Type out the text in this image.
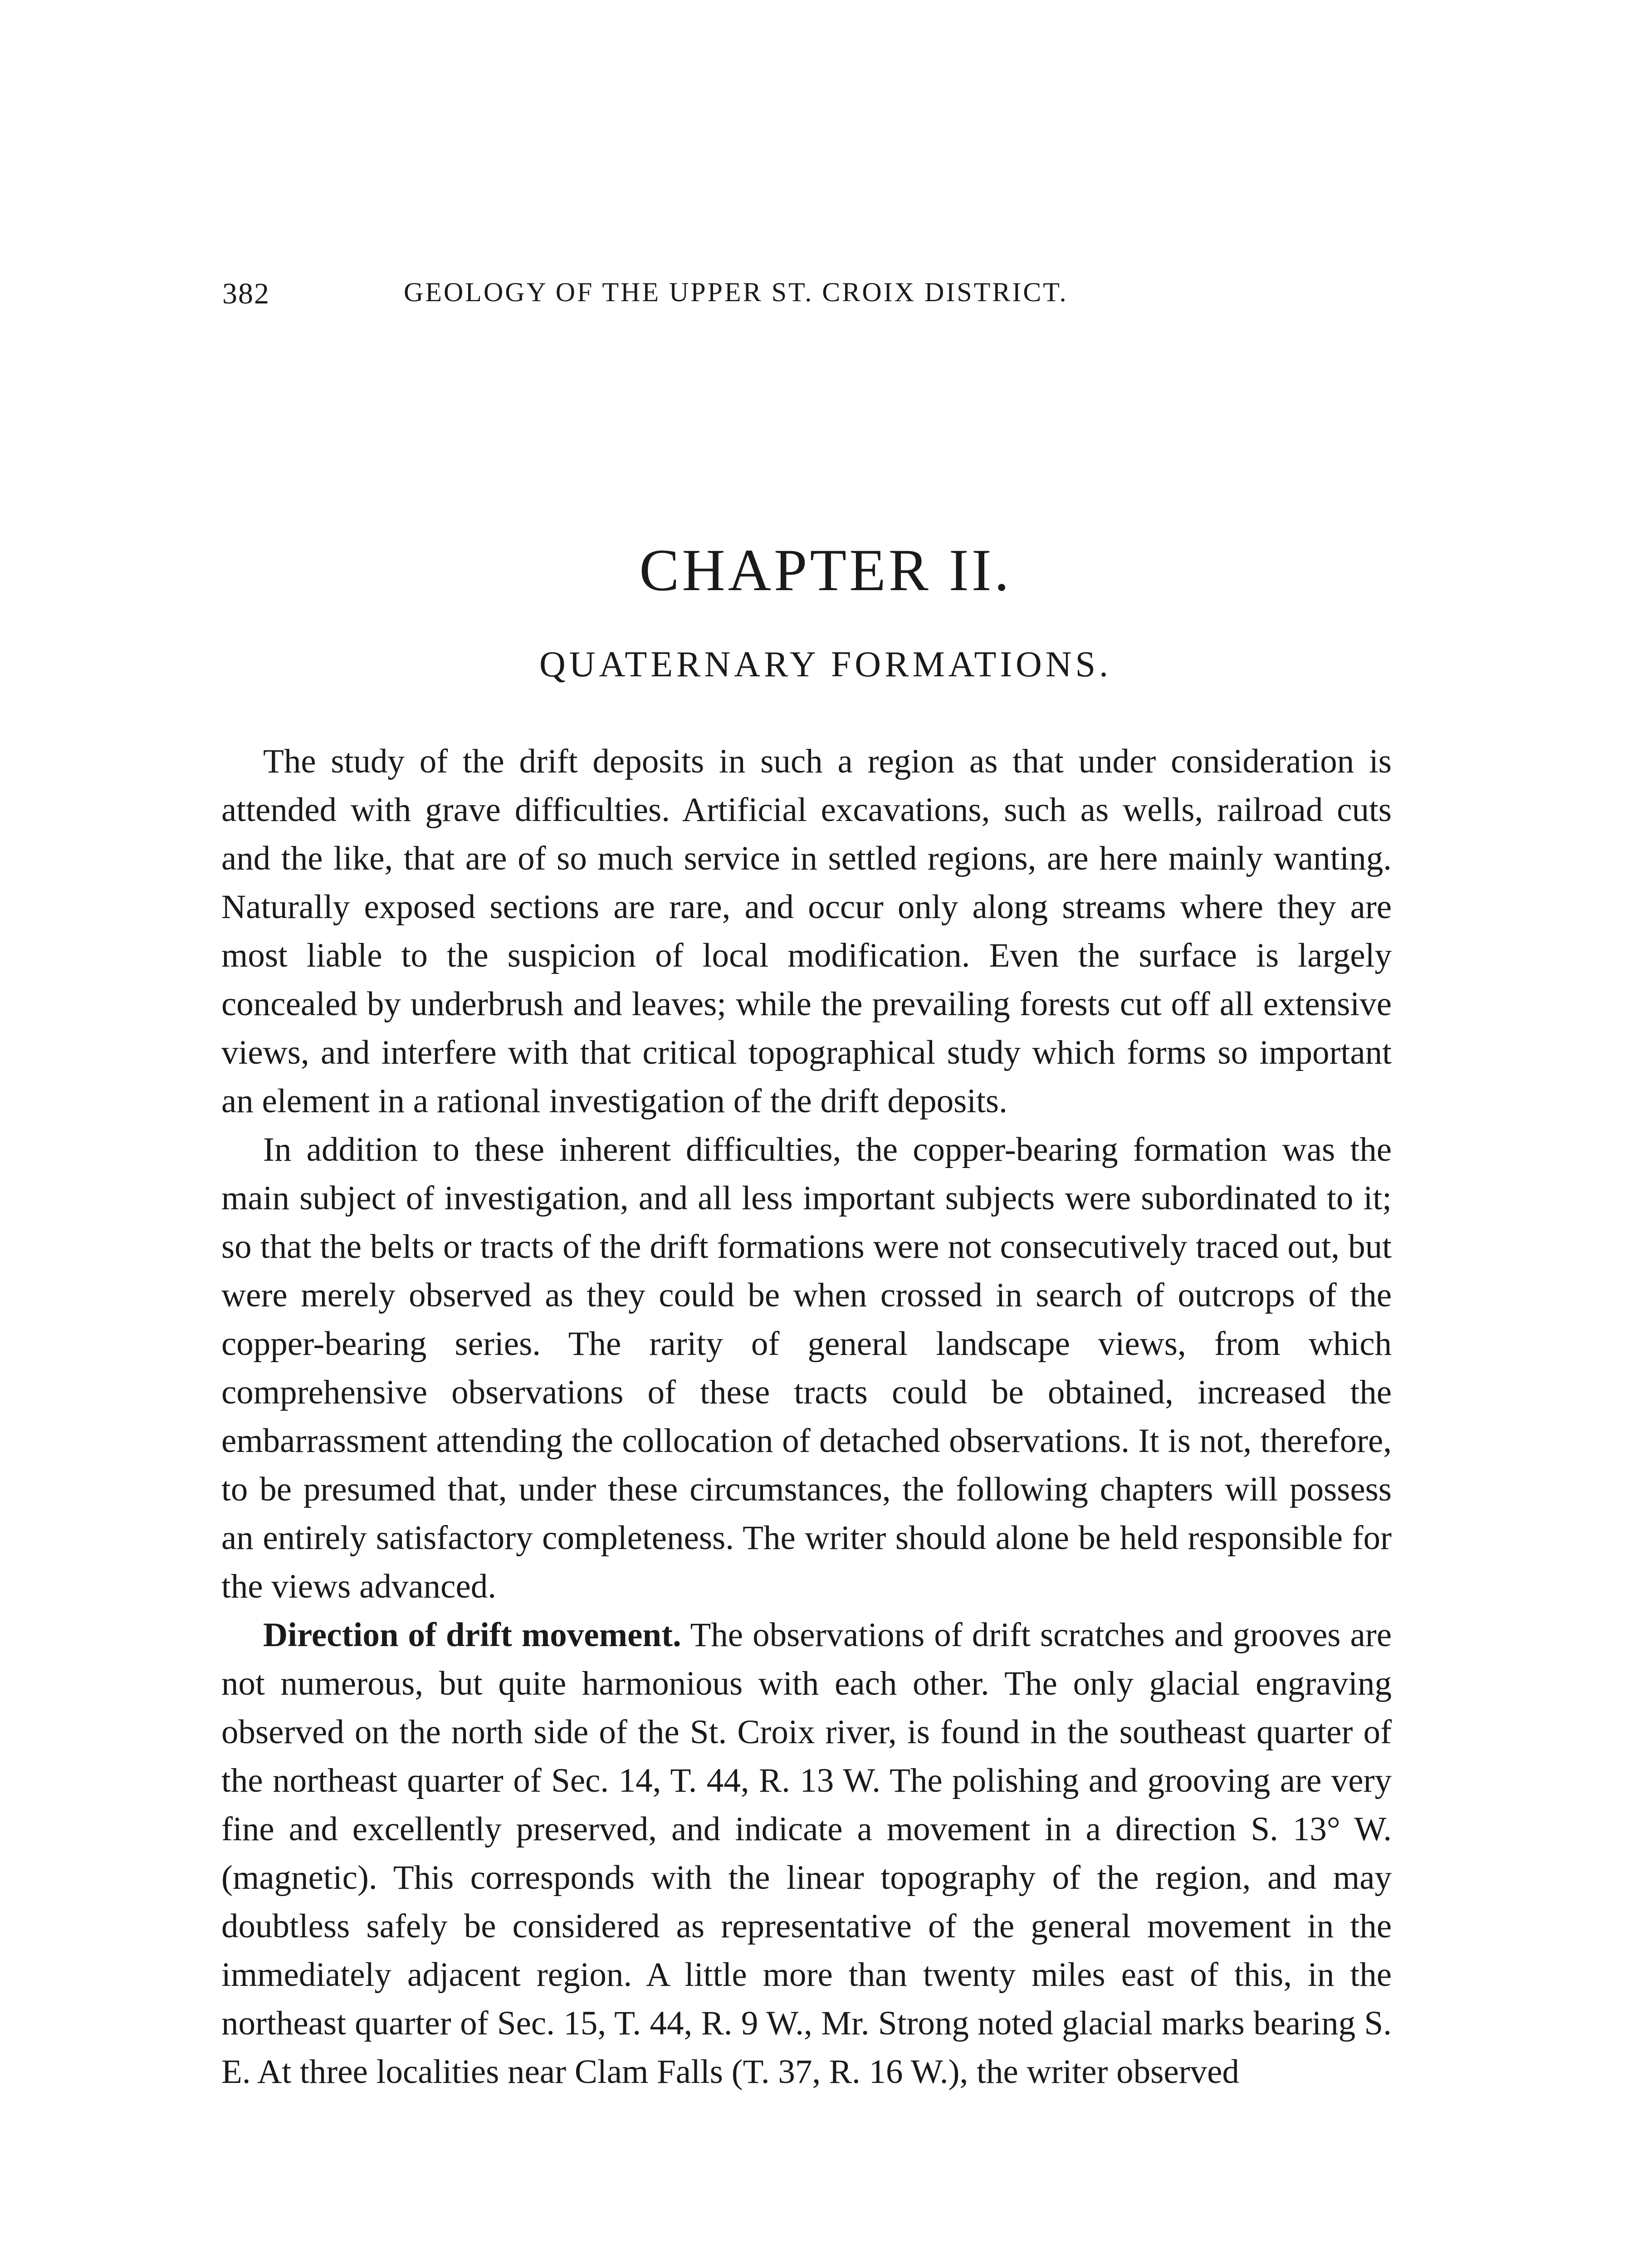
382	GEOLOGY OF THE UPPER ST. CROIX DISTRICT.
CHAPTER II.
QUATERNARY FORMATIONS.

The study of the drift deposits in such a region as that under consideration is attended with grave difficulties. Artificial excavations, such as wells, railroad cuts and the like, that are of so much service in settled regions, are here mainly wanting. Naturally exposed sections are rare, and occur only along streams where they are most liable to the suspicion of local modification. Even the surface is largely concealed by underbrush and leaves; while the prevailing forests cut off all extensive views, and interfere with that critical topographical study which forms so important an element in a rational investigation of the drift deposits.

In addition to these inherent difficulties, the copper-bearing formation was the main subject of investigation, and all less important subjects were subordinated to it; so that the belts or tracts of the drift formations were not consecutively traced out, but were merely observed as they could be when crossed in search of outcrops of the copper-bearing series. The rarity of general landscape views, from which comprehensive observations of these tracts could be obtained, increased the embarrassment attending the collocation of detached observations. It is not, therefore, to be presumed that, under these circumstances, the following chapters will possess an entirely satisfactory completeness. The writer should alone be held responsible for the views advanced.

Direction of drift movement. The observations of drift scratches and grooves are not numerous, but quite harmonious with each other. The only glacial engraving observed on the north side of the St. Croix river, is found in the southeast quarter of the northeast quarter of Sec. 14, T. 44, R. 13 W. The polishing and grooving are very fine and excellently preserved, and indicate a movement in a direction S. 13° W. (magnetic). This corresponds with the linear topography of the region, and may doubtless safely be considered as representative of the general movement in the immediately adjacent region. A little more than twenty miles east of this, in the northeast quarter of Sec. 15, T. 44, R. 9 W., Mr. Strong noted glacial marks bearing S. E. At three localities near Clam Falls (T. 37, R. 16 W.), the writer observed
